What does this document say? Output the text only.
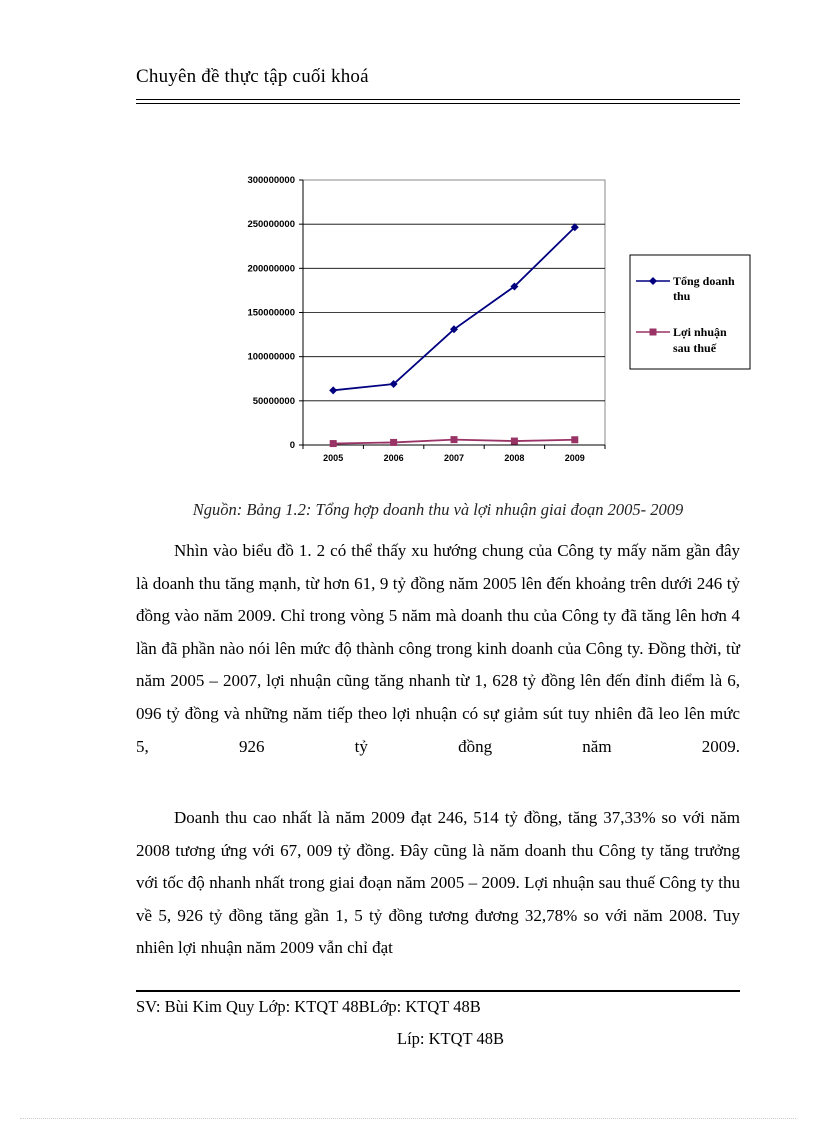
Chuyên đề thực tập cuối khoá
0
50000000
100000000
150000000
200000000
250000000
300000000
2005	2006	2007	2008	2009
Tổng doanh
thu
Lợi nhuận
sau thuế
Nguồn: Bảng 1.2: Tổng hợp doanh thu và lợi nhuận giai đoạn 2005- 2009

Nhìn vào biểu đồ 1. 2 có thể thấy xu hướng chung của Công ty mấy năm gần đây là doanh thu tăng mạnh, từ hơn 61, 9 tỷ đồng năm 2005 lên đến khoảng trên dưới 246 tỷ đồng vào năm 2009. Chỉ trong vòng 5 năm mà doanh thu của Công ty đã tăng lên hơn 4 lần đã phần nào nói lên mức độ thành công trong kinh doanh của Công ty. Đồng thời, từ năm 2005 – 2007, lợi nhuận cũng tăng nhanh từ 1, 628 tỷ đồng lên đến đỉnh điểm là 6, 096 tỷ đồng và những năm tiếp theo lợi nhuận có sự giảm sút tuy nhiên đã leo lên mức 5, 926 tỷ đồng năm 2009.

Doanh thu cao nhất là năm 2009 đạt 246, 514 tỷ đồng, tăng 37,33% so với năm 2008 tương ứng với 67, 009 tỷ đồng. Đây cũng là năm doanh thu Công ty tăng trưởng với tốc độ nhanh nhất trong giai đoạn năm 2005 – 2009. Lợi nhuận sau thuế Công ty thu về 5, 926 tỷ đồng tăng gần 1, 5 tỷ đồng tương đương 32,78% so với năm 2008. Tuy nhiên lợi nhuận năm 2009 vẫn chỉ đạt

SV: Bùi Kim Quy Lớp: KTQT 48BLớp: KTQT 48B
Líp: KTQT 48B
